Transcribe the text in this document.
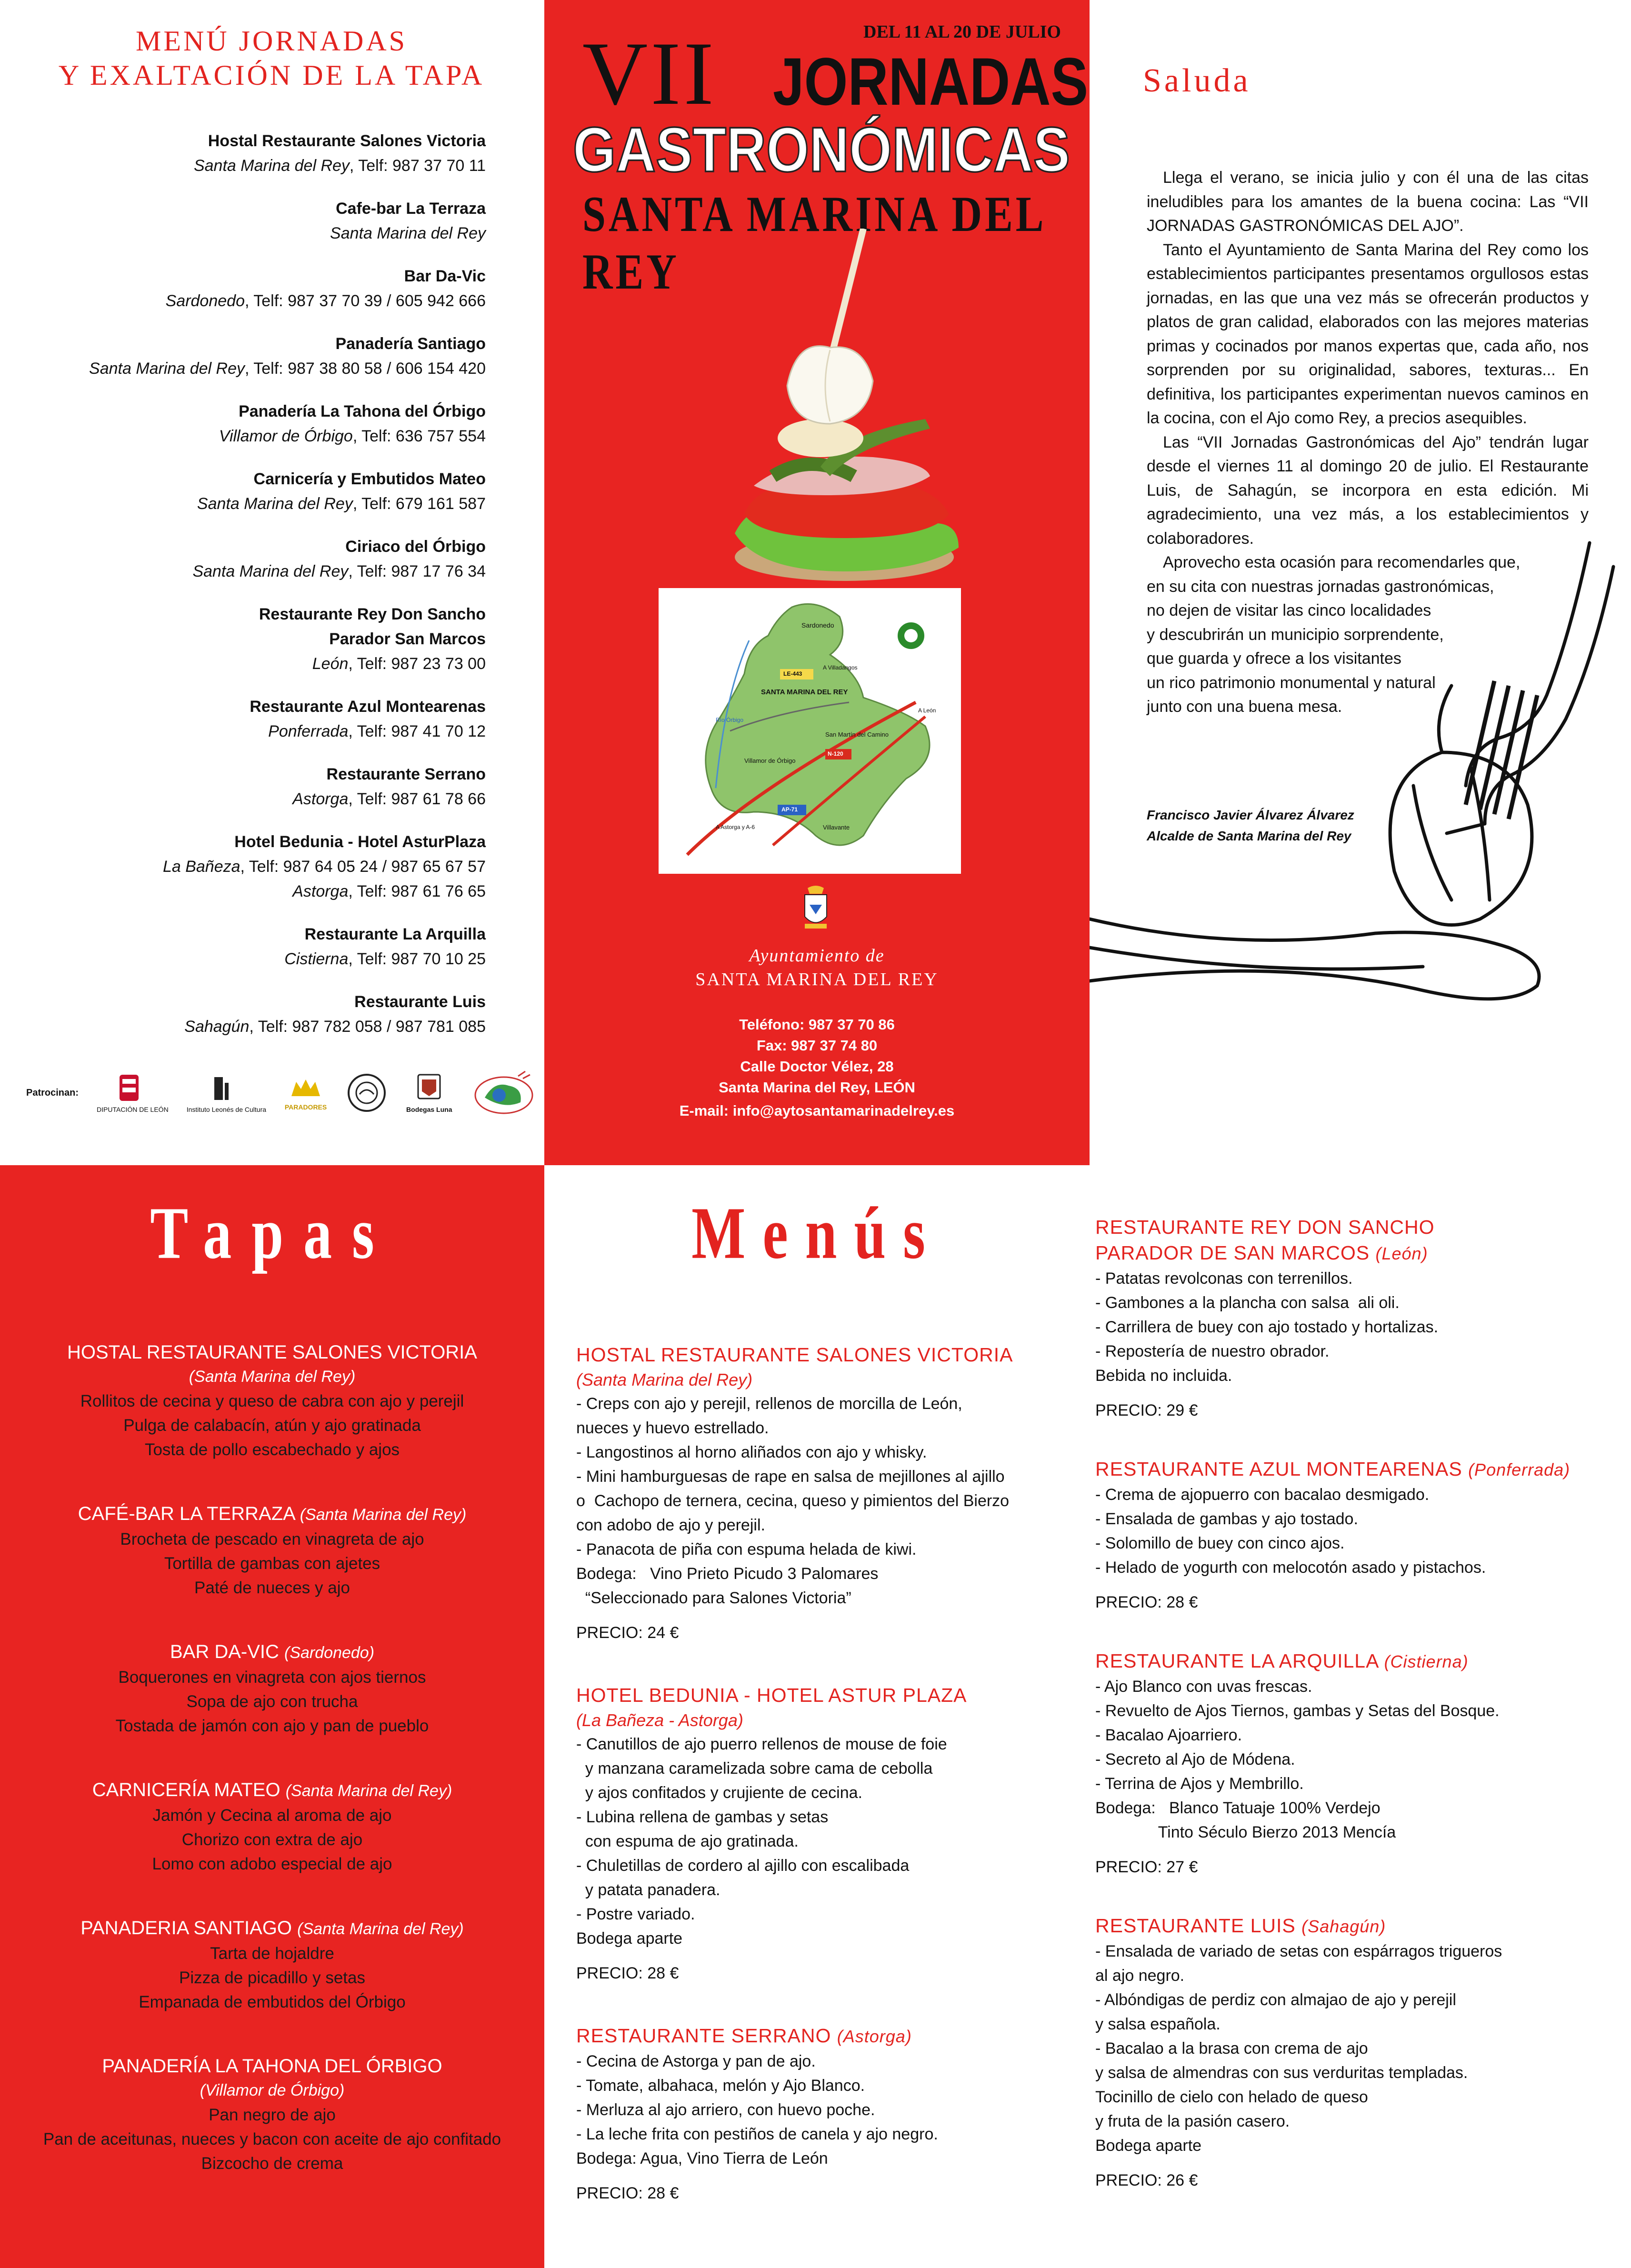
MENÚ JORNADAS
Y EXALTACIÓN DE LA TAPA
Hostal Restaurante Salones Victoria
Santa Marina del Rey, Telf: 987 37 70 11
Cafe-bar La Terraza
Santa Marina del Rey
Bar Da-Vic
Sardonedo, Telf: 987 37 70 39 / 605 942 666
Panadería Santiago
Santa Marina del Rey, Telf: 987 38 80 58 / 606 154 420
Panadería La Tahona del Órbigo
Villamor de Órbigo, Telf: 636 757 554
Carnicería y Embutidos Mateo
Santa Marina del Rey, Telf: 679 161 587
Ciriaco del Órbigo
Santa Marina del Rey, Telf: 987 17 76 34
Restaurante Rey Don Sancho
Parador San Marcos
León, Telf: 987 23 73 00
Restaurante Azul Montearenas
Ponferrada, Telf: 987 41 70 12
Restaurante Serrano
Astorga, Telf: 987 61 78 66
Hotel Bedunia - Hotel AsturPlaza
La Bañeza, Telf: 987 64 05 24 / 987 65 67 57
Astorga, Telf: 987 61 76 65
Restaurante La Arquilla
Cistierna, Telf: 987 70 10 25
Restaurante Luis
Sahagún, Telf: 987 782 058 / 987 781 085
Patrocinan:
DIPUTACIÓN DE LEÓN	Instituto Leonés de Cultura	PARADORES	Bodegas Luna
DEL 11 AL 20 DE JULIO
VII JORNADAS
GASTRONÓMICAS
SANTA MARINA DEL REY
Sardonedo
LE-443
A Villadangos
SANTA MARINA DEL REY
Río Órbigo
A León
San Martín del Camino
N-120
Villamor de Órbigo
AP-71
A Astorga y A-6	Villavante
Ayuntamiento de
SANTA MARINA DEL REY
Teléfono: 987 37 70 86
Fax: 987 37 74 80
Calle Doctor Vélez, 28
Santa Marina del Rey, LEÓN
E-mail: info@aytosantamarinadelrey.es
Saluda

Llega el verano, se inicia julio y con él una de las citas ineludibles para los amantes de la buena cocina: Las “VII JORNADAS GASTRONÓMICAS DEL AJO”.

Tanto el Ayuntamiento de Santa Marina del Rey como los establecimientos participantes presentamos orgullosos estas jornadas, en las que una vez más se ofrecerán productos y platos de gran calidad, elaborados con las mejores materias primas y cocinados por manos expertas que, cada año, nos sorprenden por su originalidad, sabores, texturas... En definitiva, los participantes experimentan nuevos caminos en la cocina, con el Ajo como Rey, a precios asequibles.

Las “VII Jornadas Gastronómicas del Ajo” tendrán lugar desde el viernes 11 al domingo 20 de julio. El Restaurante Luis, de Sahagún, se incorpora en esta edición. Mi agradecimiento, una vez más, a los establecimientos y colaboradores.

Aprovecho esta ocasión para recomendarles que,

en su cita con nuestras jornadas gastronómicas,

no dejen de visitar las cinco localidades

y descubrirán un municipio sorprendente,

que guarda y ofrece a los visitantes

un rico patrimonio monumental y natural

junto con una buena mesa.

Francisco Javier Álvarez Álvarez
Alcalde de Santa Marina del Rey
Tapas
HOSTAL RESTAURANTE SALONES VICTORIA
(Santa Marina del Rey)
Rollitos de cecina y queso de cabra con ajo y perejil
Pulga de calabacín, atún y ajo gratinada
Tosta de pollo escabechado y ajos
CAFÉ-BAR LA TERRAZA (Santa Marina del Rey)
Brocheta de pescado en vinagreta de ajo
Tortilla de gambas con ajetes
Paté de nueces y ajo
BAR DA-VIC (Sardonedo)
Boquerones en vinagreta con ajos tiernos
Sopa de ajo con trucha
Tostada de jamón con ajo y pan de pueblo
CARNICERÍA MATEO (Santa Marina del Rey)
Jamón y Cecina al aroma de ajo
Chorizo con extra de ajo
Lomo con adobo especial de ajo
PANADERIA SANTIAGO (Santa Marina del Rey)
Tarta de hojaldre
Pizza de picadillo y setas
Empanada de embutidos del Órbigo
PANADERÍA LA TAHONA DEL ÓRBIGO
(Villamor de Órbigo)
Pan negro de ajo
Pan de aceitunas, nueces y bacon con aceite de ajo confitado
Bizcocho de crema
Menús
HOSTAL RESTAURANTE SALONES VICTORIA
(Santa Marina del Rey)
- Creps con ajo y perejil, rellenos de morcilla de León,
nueces y huevo estrellado.
- Langostinos al horno aliñados con ajo y whisky.
- Mini hamburguesas de rape en salsa de mejillones al ajillo
o  Cachopo de ternera, cecina, queso y pimientos del Bierzo
con adobo de ajo y perejil.
- Panacota de piña con espuma helada de kiwi.
Bodega:   Vino Prieto Picudo 3 Palomares
“Seleccionado para Salones Victoria”
PRECIO: 24 €
HOTEL BEDUNIA - HOTEL ASTUR PLAZA
(La Bañeza - Astorga)
- Canutillos de ajo puerro rellenos de mouse de foie
y manzana caramelizada sobre cama de cebolla
y ajos confitados y crujiente de cecina.
- Lubina rellena de gambas y setas
con espuma de ajo gratinada.
- Chuletillas de cordero al ajillo con escalibada
y patata panadera.
- Postre variado.
Bodega aparte
PRECIO: 28 €
RESTAURANTE SERRANO (Astorga)
- Cecina de Astorga y pan de ajo.
- Tomate, albahaca, melón y Ajo Blanco.
- Merluza al ajo arriero, con huevo poche.
- La leche frita con pestiños de canela y ajo negro.
Bodega: Agua, Vino Tierra de León
PRECIO: 28 €
RESTAURANTE REY DON SANCHO
PARADOR DE SAN MARCOS (León)
- Patatas revolconas con terrenillos.
- Gambones a la plancha con salsa  ali oli.
- Carrillera de buey con ajo tostado y hortalizas.
- Repostería de nuestro obrador.
Bebida no incluida.
PRECIO: 29 €
RESTAURANTE AZUL MONTEARENAS (Ponferrada)
- Crema de ajopuerro con bacalao desmigado.
- Ensalada de gambas y ajo tostado.
- Solomillo de buey con cinco ajos.
- Helado de yogurth con melocotón asado y pistachos.
PRECIO: 28 €
RESTAURANTE LA ARQUILLA (Cistierna)
- Ajo Blanco con uvas frescas.
- Revuelto de Ajos Tiernos, gambas y Setas del Bosque.
- Bacalao Ajoarriero.
- Secreto al Ajo de Módena.
- Terrina de Ajos y Membrillo.
Bodega:   Blanco Tatuaje 100% Verdejo
Tinto Século Bierzo 2013 Mencía
PRECIO: 27 €
RESTAURANTE LUIS (Sahagún)
- Ensalada de variado de setas con espárragos trigueros
al ajo negro.
- Albóndigas de perdiz con almajao de ajo y perejil
y salsa española.
- Bacalao a la brasa con crema de ajo
y salsa de almendras con sus verduritas templadas.
Tocinillo de cielo con helado de queso
y fruta de la pasión casero.
Bodega aparte
PRECIO: 26 €
